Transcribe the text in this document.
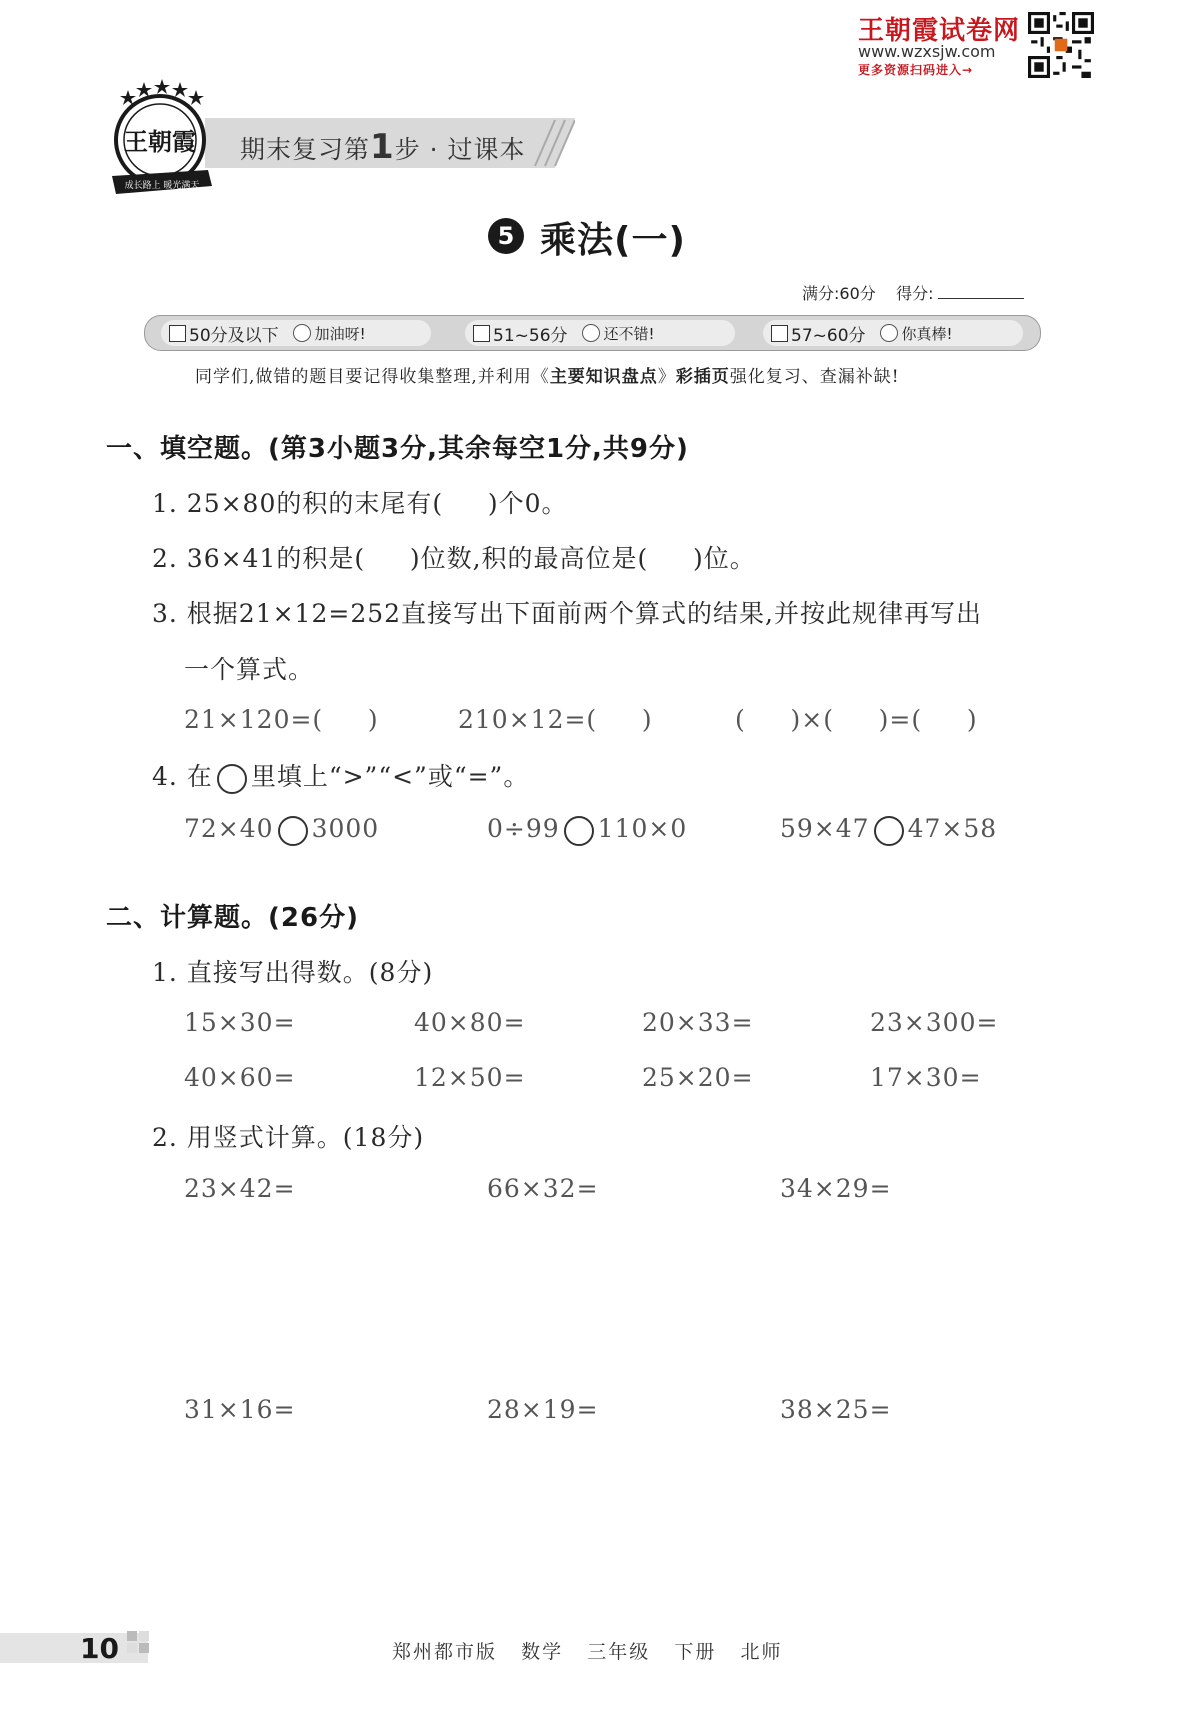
王朝霞试卷网
www.wzxsjw.com
更多资源扫码进入→
期末复习第1步 · 过课本
王朝霞
成长路上 暖光满天
5 乘法(一)
满分:60分 得分:
50分及以下 加油呀!	51~56分 还不错!	57~60分 你真棒!
同学们,做错的题目要记得收集整理,并利用《主要知识盘点》彩插页强化复习、查漏补缺!
一、填空题。(第3小题3分,其余每空1分,共9分)
1. 25×80的积的末尾有(     )个0。
2. 36×41的积是(     )位数,积的最高位是(     )位。
3. 根据21×12=252直接写出下面前两个算式的结果,并按此规律再写出
一个算式。
21×120=(     )	210×12=(     )	(     )×(     )=(     )
4. 在 里填上“>”“<”或“=”。
72×40 3000	0÷99 110×0	59×47 47×58
二、计算题。(26分)
1. 直接写出得数。(8分)
15×30=	40×80=	20×33=	23×300=
40×60=	12×50=	25×20=	17×30=
2. 用竖式计算。(18分)
23×42=	66×32=	34×29=
31×16=	28×19=	38×25=
10	郑州都市版   数学   三年级   下册   北师
